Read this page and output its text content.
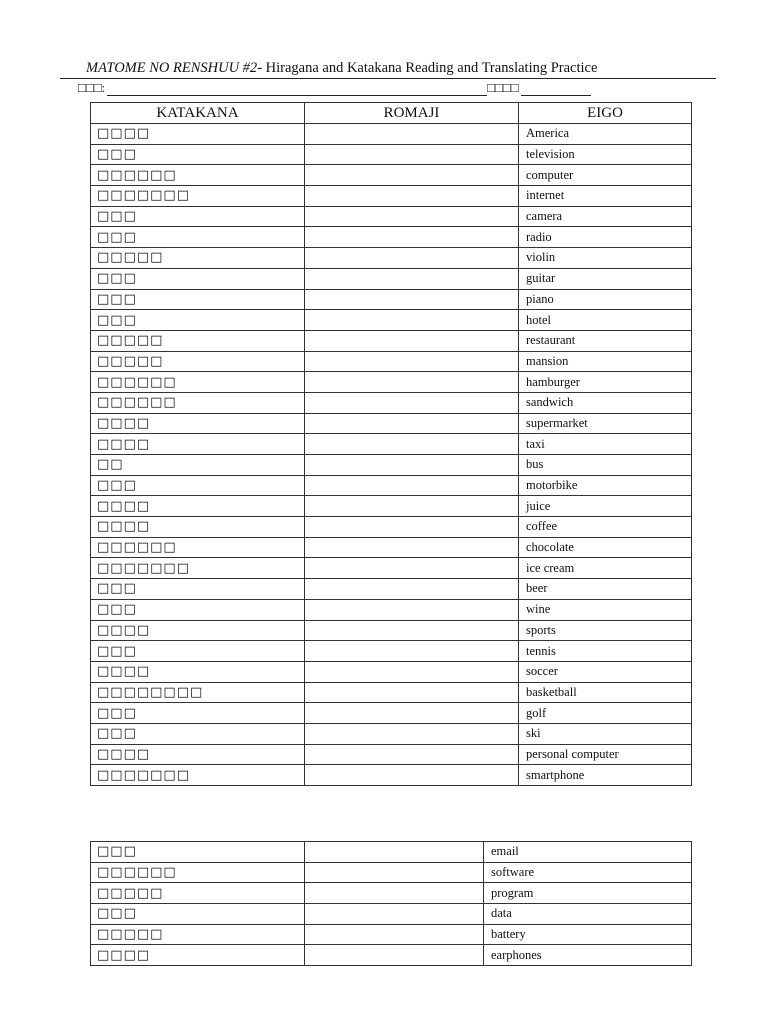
MATOME NO RENSHUU #2- Hiragana and Katakana Reading and Translating Practice
□□□:	□□□□
KATAKANA	ROMAJI	EIGO
□□□□		America
□□□		television
□□□□□□		computer
□□□□□□□		internet
□□□		camera
□□□		radio
□□□□□		violin
□□□		guitar
□□□		piano
□□□		hotel
□□□□□		restaurant
□□□□□		mansion
□□□□□□		hamburger
□□□□□□		sandwich
□□□□		supermarket
□□□□		taxi
□□		bus
□□□		motorbike
□□□□		juice
□□□□		coffee
□□□□□□		chocolate
□□□□□□□		ice cream
□□□		beer
□□□		wine
□□□□		sports
□□□		tennis
□□□□		soccer
□□□□□□□□		basketball
□□□		golf
□□□		ski
□□□□		personal computer
□□□□□□□		smartphone
□□□		email
□□□□□□		software
□□□□□		program
□□□		data
□□□□□		battery
□□□□		earphones
